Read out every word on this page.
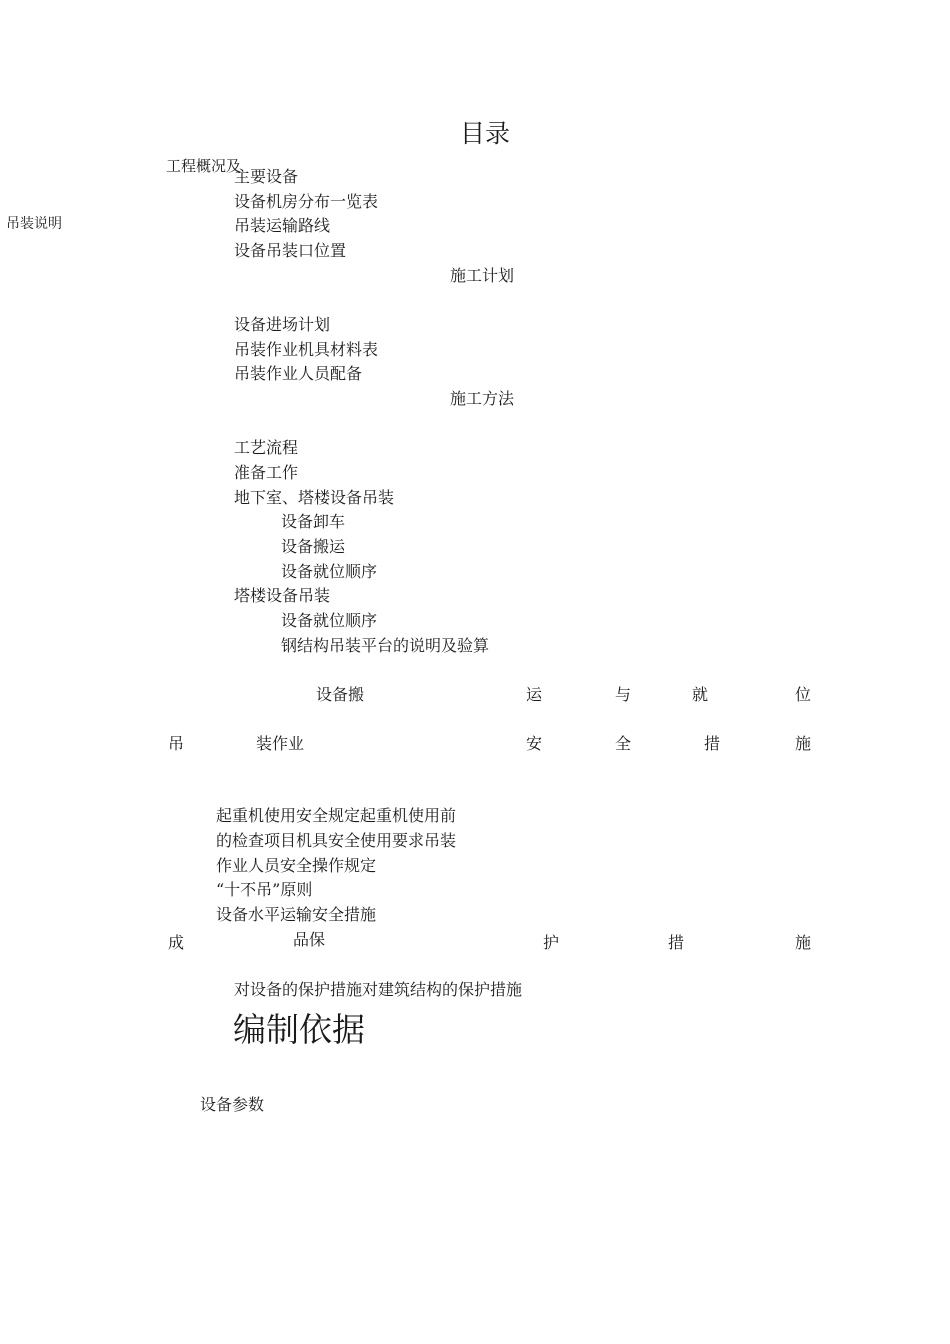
目录
工程概况及
吊装说明
主要设备
设备机房分布一览表
吊装运输路线
设备吊装口位置
施工计划
设备进场计划
吊装作业机具材料表
吊装作业人员配备
施工方法
工艺流程
准备工作
地下室、塔楼设备吊装
设备卸车
设备搬运
设备就位顺序
塔楼设备吊装
设备就位顺序
钢结构吊装平台的说明及验算
设备搬	运	与	就	位
吊	装作业	安	全	措	施
起重机使用安全规定起重机使用前
的检查项目机具安全使用要求吊装
作业人员安全操作规定
“十不吊”原则
设备水平运输安全措施
成	品保	护	措	施
对设备的保护措施对建筑结构的保护措施
编制依据
设备参数
